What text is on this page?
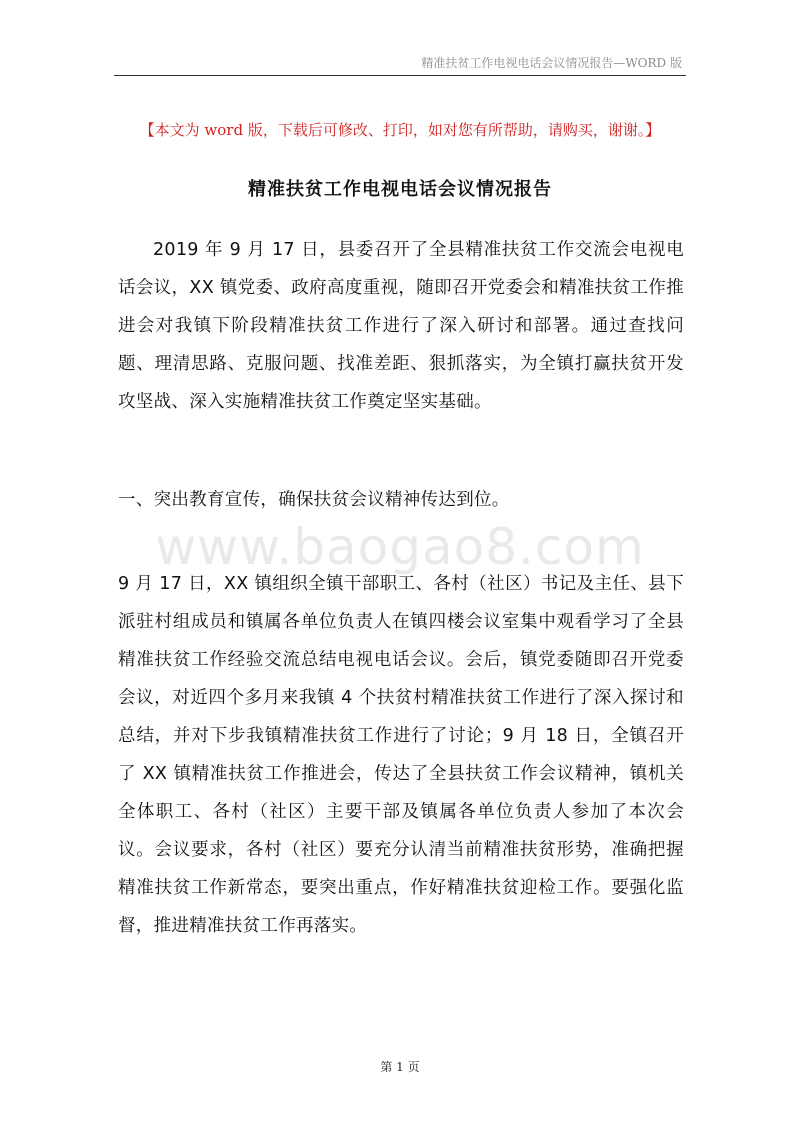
精准扶贫工作电视电话会议情况报告—WORD 版
【本文为 word 版，下载后可修改、打印，如对您有所帮助，请购买，谢谢。】
精准扶贫工作电视电话会议情况报告

2019 年 9 月 17 日，县委召开了全县精准扶贫工作交流会电视电话会议，XX 镇党委、政府高度重视，随即召开党委会和精准扶贫工作推进会对我镇下阶段精准扶贫工作进行了深入研讨和部署。通过查找问题、理清思路、克服问题、找准差距、狠抓落实，为全镇打赢扶贫开发攻坚战、深入实施精准扶贫工作奠定坚实基础。

一、突出教育宣传，确保扶贫会议精神传达到位。

www.baogao8.com

9 月 17 日，XX 镇组织全镇干部职工、各村（社区）书记及主任、县下派驻村组成员和镇属各单位负责人在镇四楼会议室集中观看学习了全县精准扶贫工作经验交流总结电视电话会议。会后，镇党委随即召开党委会议，对近四个多月来我镇 4 个扶贫村精准扶贫工作进行了深入探讨和总结，并对下步我镇精准扶贫工作进行了讨论；9 月 18 日，全镇召开了 XX 镇精准扶贫工作推进会，传达了全县扶贫工作会议精神，镇机关全体职工、各村（社区）主要干部及镇属各单位负责人参加了本次会议。会议要求，各村（社区）要充分认清当前精准扶贫形势，准确把握精准扶贫工作新常态，要突出重点，作好精准扶贫迎检工作。要强化监督，推进精准扶贫工作再落实。

第 1 页
